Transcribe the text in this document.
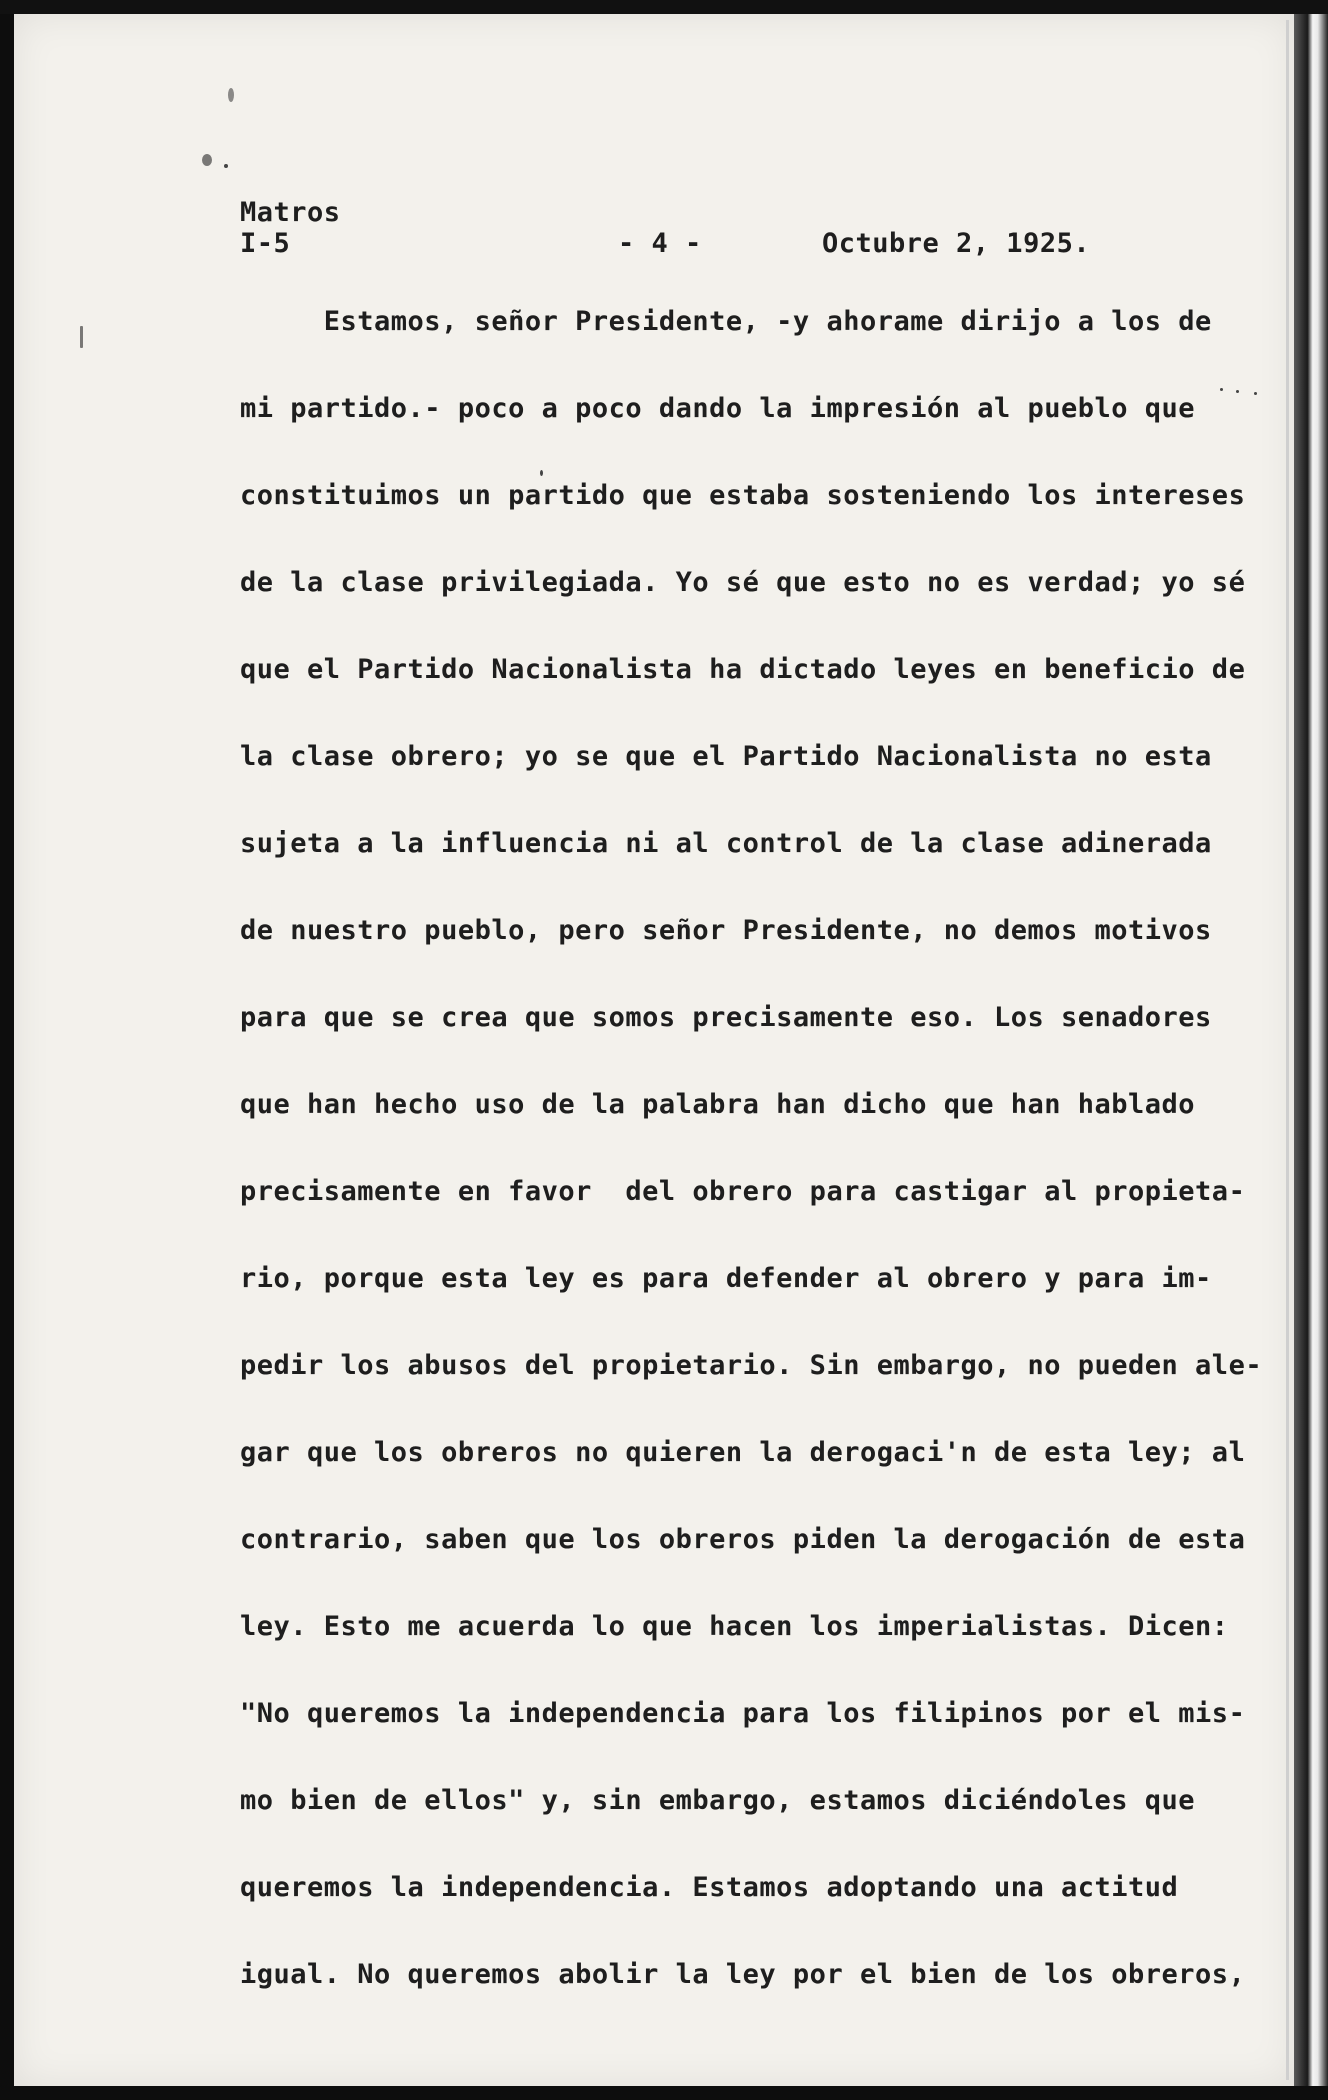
Matros
I-5	- 4 -	Octubre 2, 1925.
Estamos, señor Presidente, -y ahorame dirijo a los de
mi partido.- poco a poco dando la impresión al pueblo que
constituimos un partido que estaba sosteniendo los intereses
de la clase privilegiada. Yo sé que esto no es verdad; yo sé
que el Partido Nacionalista ha dictado leyes en beneficio de
la clase obrero; yo se que el Partido Nacionalista no esta
sujeta a la influencia ni al control de la clase adinerada
de nuestro pueblo, pero señor Presidente, no demos motivos
para que se crea que somos precisamente eso. Los senadores
que han hecho uso de la palabra han dicho que han hablado
precisamente en favor  del obrero para castigar al propieta-
rio, porque esta ley es para defender al obrero y para im-
pedir los abusos del propietario. Sin embargo, no pueden ale-
gar que los obreros no quieren la derogaci'n de esta ley; al
contrario, saben que los obreros piden la derogación de esta
ley. Esto me acuerda lo que hacen los imperialistas. Dicen:
"No queremos la independencia para los filipinos por el mis-
mo bien de ellos" y, sin embargo, estamos diciéndoles que
queremos la independencia. Estamos adoptando una actitud
igual. No queremos abolir la ley por el bien de los obreros,
